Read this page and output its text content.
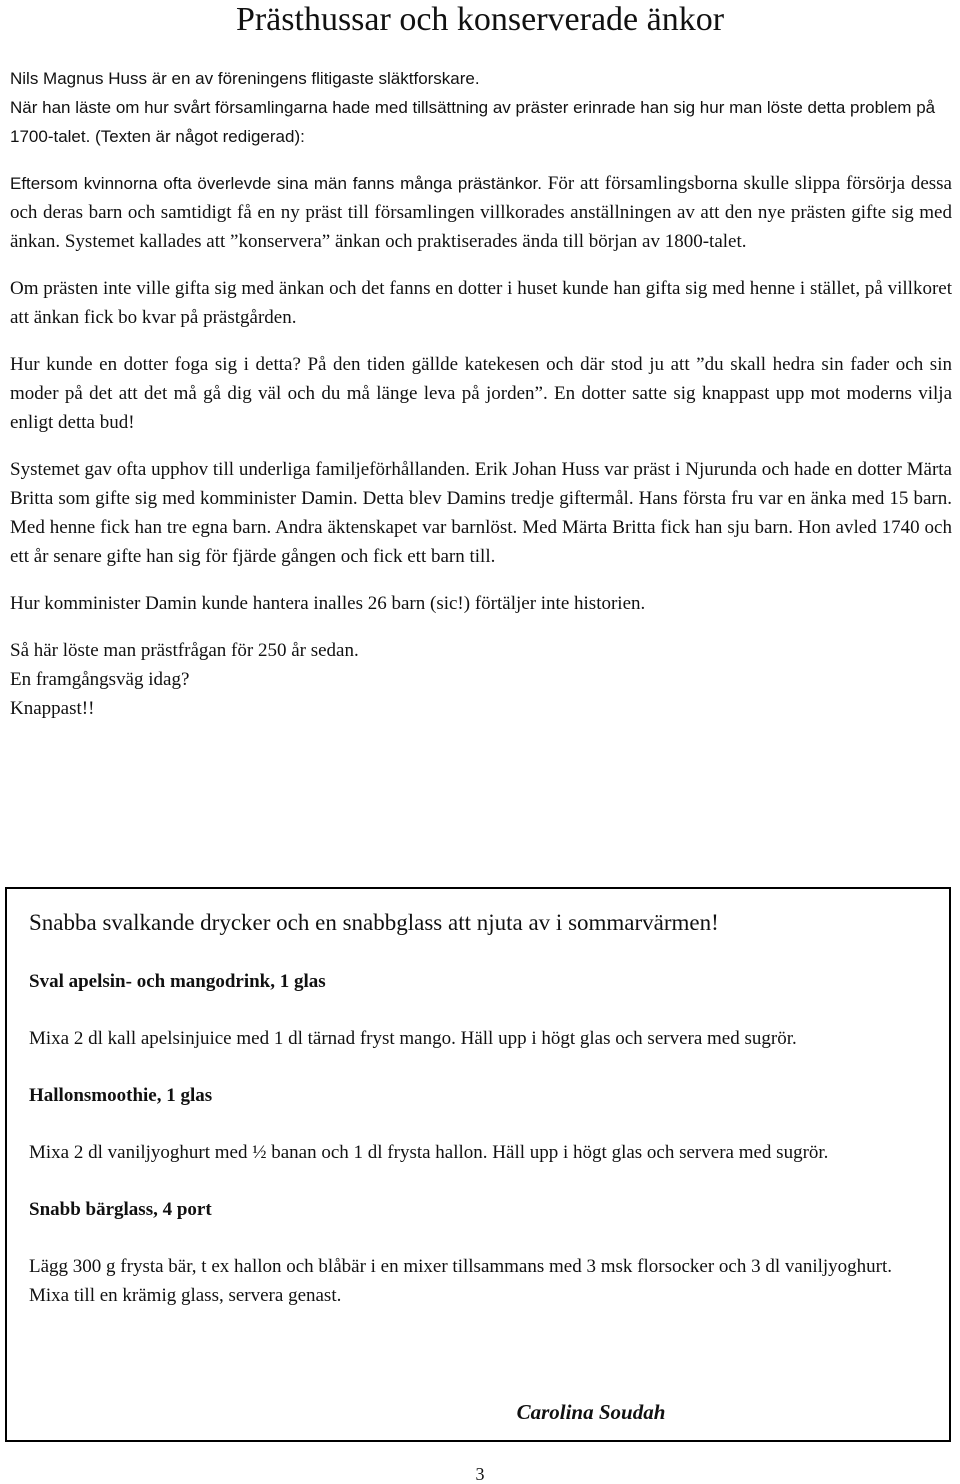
Prästhussar och konserverade änkor

Nils Magnus Huss är en av föreningens flitigaste släktforskare.

När han läste om hur svårt församlingarna hade med tillsättning av präster erinrade han sig hur man löste detta problem på 1700-talet. (Texten är något redigerad):

Eftersom kvinnorna ofta överlevde sina män fanns många prästänkor. För att församlingsborna skulle slippa försörja dessa och deras barn och samtidigt få en ny präst till församlingen villkorades anställningen av att den nye prästen gifte sig med änkan. Systemet kallades att ”konservera” änkan och praktiserades ända till början av 1800-talet.

Om prästen inte ville gifta sig med änkan och det fanns en dotter i huset kunde han gifta sig med henne i stället, på villkoret att änkan fick bo kvar på prästgården.

Hur kunde en dotter foga sig i detta? På den tiden gällde katekesen och där stod ju att ”du skall hedra sin fader och sin moder på det att det må gå dig väl och du må länge leva på jorden”. En dotter satte sig knappast upp mot moderns vilja enligt detta bud!

Systemet gav ofta upphov till underliga familjeförhållanden. Erik Johan Huss var präst i Njurunda och hade en dotter Märta Britta som gifte sig med komminister Damin. Detta blev Damins tredje giftermål. Hans första fru var en änka med 15 barn. Med henne fick han tre egna barn. Andra äktenskapet var barnlöst. Med Märta Britta fick han sju barn. Hon avled 1740 och ett år senare gifte han sig för fjärde gången och fick ett barn till.

Hur komminister Damin kunde hantera inalles 26 barn (sic!) förtäljer inte historien.

Så här löste man prästfrågan för 250 år sedan.

En framgångsväg idag?

Knappast!!

Snabba svalkande drycker och en snabbglass att njuta av i sommarvärmen!
Sval apelsin- och mangodrink, 1 glas
Mixa 2 dl kall apelsinjuice med 1 dl tärnad fryst mango. Häll upp i högt glas och servera med sugrör.
Hallonsmoothie, 1 glas
Mixa 2 dl vaniljyoghurt med ½ banan och 1 dl frysta hallon. Häll upp i högt glas och servera med sugrör.
Snabb bärglass, 4 port
Lägg 300 g frysta bär, t ex hallon och blåbär i en mixer tillsammans med 3 msk florsocker och 3 dl vaniljyoghurt. Mixa till en krämig glass, servera genast.
Carolina Soudah
3
